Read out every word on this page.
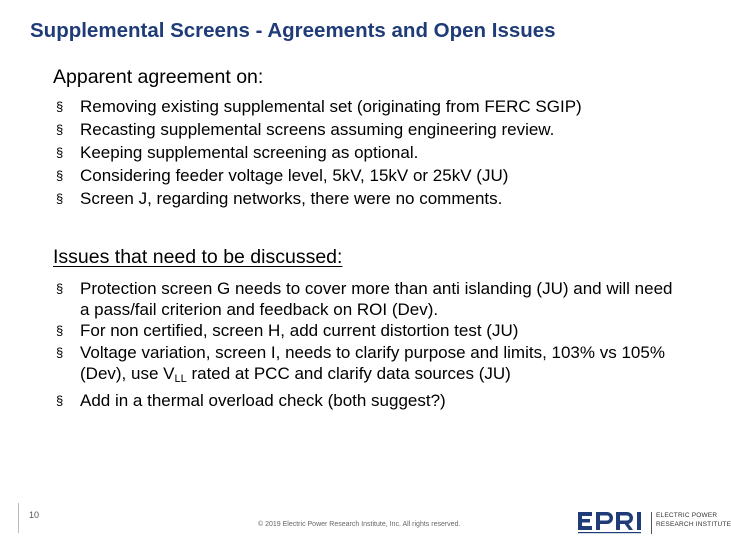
Supplemental Screens - Agreements and Open Issues
Apparent agreement on:
§ Removing existing supplemental set (originating from FERC SGIP)
§ Recasting supplemental screens assuming engineering review.
§ Keeping supplemental screening as optional.
§ Considering feeder voltage level, 5kV, 15kV or 25kV (JU)
§ Screen J, regarding networks, there were no comments.
Issues that need to be discussed:
§ Protection screen G needs to cover more than anti islanding (JU) and will need a pass/fail criterion and feedback on ROI (Dev).
§ For non certified, screen H, add current distortion test (JU)
§ Voltage variation, screen I, needs to clarify purpose and limits, 103% vs 105% (Dev), use $V_{LL}$ rated at PCC and clarify data sources (JU)
§ Add in a thermal overload check (both suggest?)
10
© 2019 Electric Power Research Institute, Inc. All rights reserved.
ELECTRIC POWER
RESEARCH INSTITUTE
